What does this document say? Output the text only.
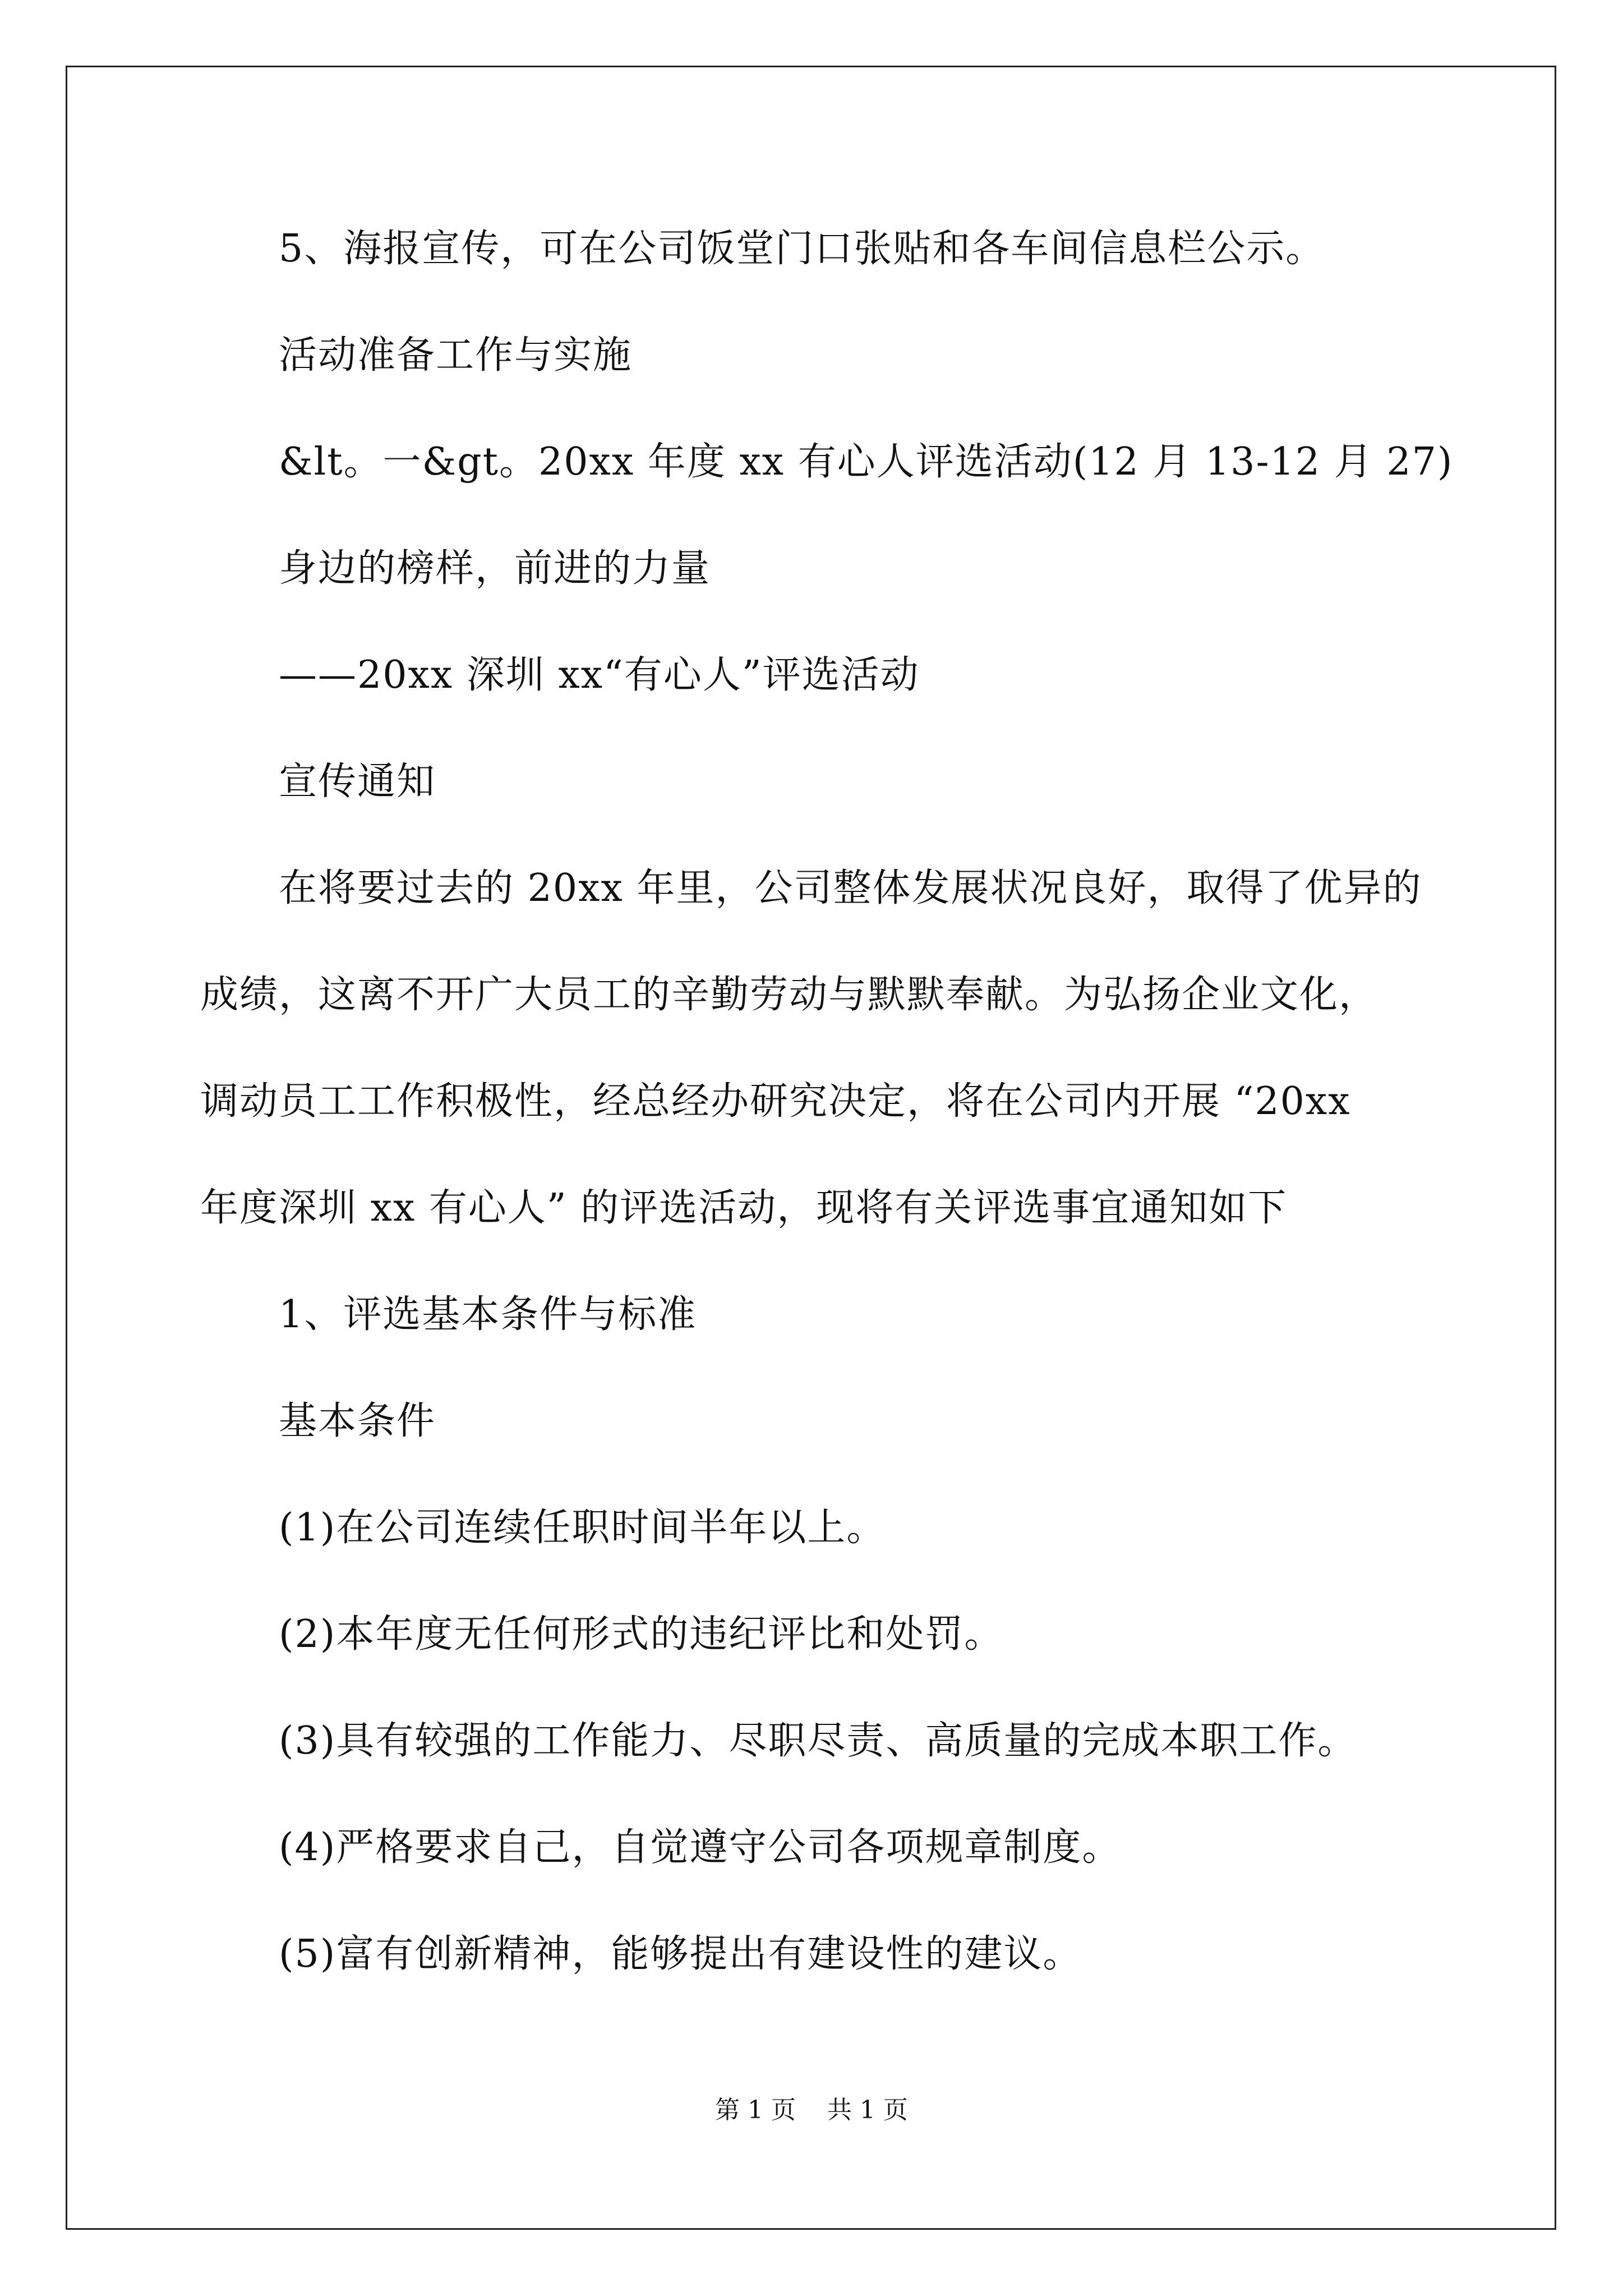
5、海报宣传，可在公司饭堂门口张贴和各车间信息栏公示。

活动准备工作与实施

&lt。一&gt。20xx 年度 xx 有心人评选活动(12 月 13-12 月 27)

身边的榜样，前进的力量

——20xx 深圳 xx“有心人”评选活动

宣传通知

在将要过去的 20xx 年里，公司整体发展状况良好，取得了优异的

成绩，这离不开广大员工的辛勤劳动与默默奉献。为弘扬企业文化，

调动员工工作积极性，经总经办研究决定，将在公司内开展 “20xx

年度深圳 xx 有心人” 的评选活动，现将有关评选事宜通知如下

1、评选基本条件与标准

基本条件

(1)在公司连续任职时间半年以上。

(2)本年度无任何形式的违纪评比和处罚。

(3)具有较强的工作能力、尽职尽责、高质量的完成本职工作。

(4)严格要求自己，自觉遵守公司各项规章制度。

(5)富有创新精神，能够提出有建设性的建议。

第 1 页    共 1 页
